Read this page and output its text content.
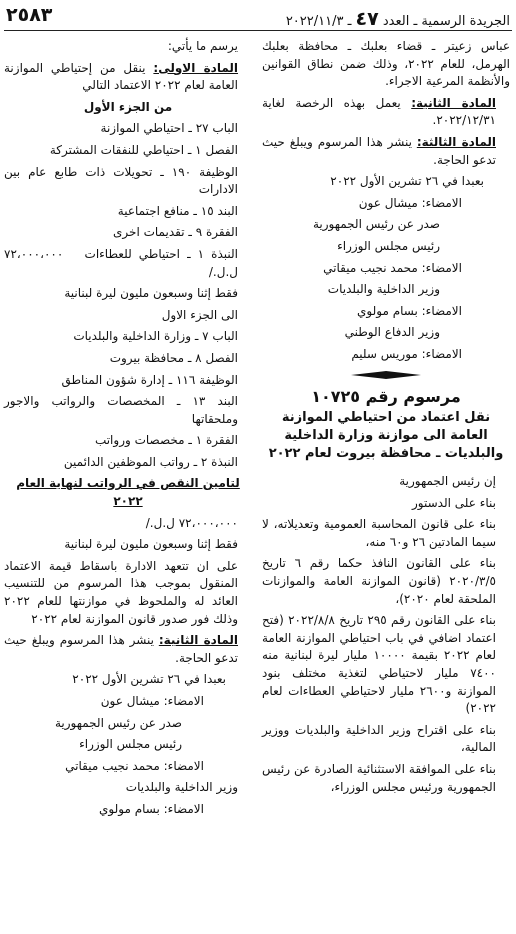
٢٥٨٣	الجريدة الرسمية ـ العدد ٤٧ ـ ٢٠٢٢/١١/٣

عباس زعيتر ـ قضاء بعلبك ـ محافظة بعلبك الهرمل، للعام ٢٠٢٢، وذلك ضمن نطاق القوانين والأنظمة المرعية الاجراء.

المادة الثانية: يعمل بهذه الرخصة لغاية ٢٠٢٢/١٢/٣١.

المادة الثالثة: ينشر هذا المرسوم ويبلغ حيث تدعو الحاجة.

بعبدا في ٢٦ تشرين الأول ٢٠٢٢

الامضاء: ميشال عون

صدر عن رئيس الجمهورية

رئيس مجلس الوزراء

الامضاء: محمد نجيب ميقاتي

وزير الداخلية والبلديات

الامضاء: بسام مولوي

وزير الدفاع الوطني

الامضاء: موريس سليم

مرسوم رقم ١٠٧٢٥
نقل اعتماد من احتياطي الموازنة العامة الى موازنة وزارة الداخلية والبلديات ـ محافظة بيروت لعام ٢٠٢٢

إن رئيس الجمهورية

بناء على الدستور

بناء على قانون المحاسبة العمومية وتعديلاته، لا سيما المادتين ٢٦ و٦٠ منه،

بناء على القانون النافذ حكما رقم ٦ تاريخ ٢٠٢٠/٣/٥ (قانون الموازنة العامة والموازنات الملحقة لعام ٢٠٢٠)،

بناء على القانون رقم ٢٩٥ تاريخ ٢٠٢٢/٨/٨ (فتح اعتماد اضافي في باب احتياطي الموازنة العامة لعام ٢٠٢٢ بقيمة ١٠٠٠٠ مليار ليرة لبنانية منه ٧٤٠٠ مليار لاحتياطي لتغذية مختلف بنود الموازنة و٢٦٠٠ مليار لاحتياطي العطاءات لعام ٢٠٢٢)

بناء على اقتراح وزير الداخلية والبلديات ووزير المالية،

بناء على الموافقة الاستثنائية الصادرة عن رئيس الجمهورية ورئيس مجلس الوزراء،

يرسم ما يأتي:

المادة الاولى: ينقل من إحتياطي الموازنة العامة لعام ٢٠٢٢ الاعتماد التالي

من الجزء الأول

الباب ٢٧ ـ احتياطي الموازنة

الفصل ١ ـ احتياطي للنفقات المشتركة

الوظيفة ١٩٠ ـ تحويلات ذات طابع عام بين الادارات

البند ١٥ ـ منافع اجتماعية

الفقرة ٩ ـ تقديمات اخرى

النبذة ١ ـ احتياطي للعطاءات   ٧٢،٠٠٠،٠٠٠ ل.ل./

فقط إثنا وسبعون مليون ليرة لبنانية

الى الجزء الاول

الباب ٧ ـ وزارة الداخلية والبلديات

الفصل ٨ ـ محافظة بيروت

الوظيفة ١١٦ ـ إدارة شؤون المناطق

البند ١٣ ـ المخصصات والرواتب والاجور وملحقاتها

الفقرة ١ ـ مخصصات ورواتب

النبذة ٢ ـ رواتب الموظفين الدائمين

لتامين النقص في الرواتب لنهاية العام ٢٠٢٢

٧٢،٠٠٠،٠٠٠ ل.ل./

فقط إثنا وسبعون مليون ليرة لبنانية

على ان تتعهد الادارة باسقاط قيمة الاعتماد المنقول بموجب هذا المرسوم من للتنسيب العائد له والملحوظ في موازنتها للعام ٢٠٢٢ وذلك فور صدور قانون الموازنة لعام ٢٠٢٢

المادة الثانية: ينشر هذا المرسوم ويبلغ حيث تدعو الحاجة.

بعبدا في ٢٦ تشرين الأول ٢٠٢٢

الامضاء: ميشال عون

صدر عن رئيس الجمهورية

رئيس مجلس الوزراء

الامضاء: محمد نجيب ميقاتي

وزير الداخلية والبلديات

الامضاء: بسام مولوي
